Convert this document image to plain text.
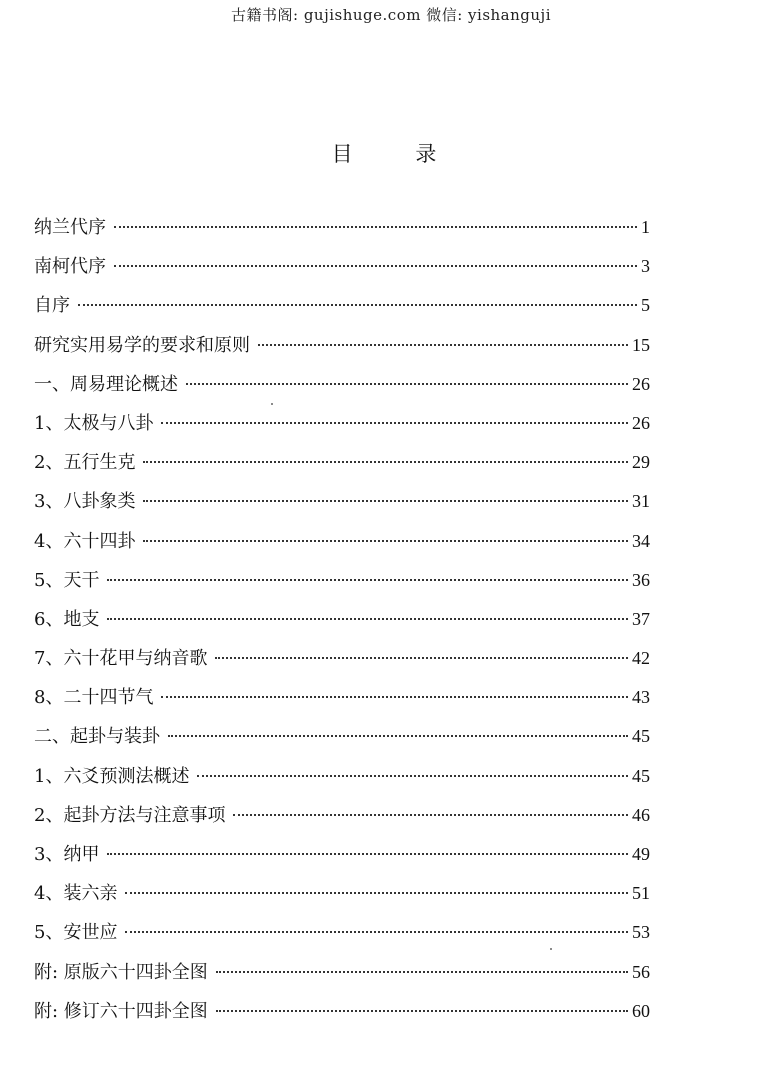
古籍书阁: gujishuge.com 微信: yishanguji
目 录
纳兰代序	1
南柯代序	3
自序	5
研究实用易学的要求和原则	15
一、周易理论概述	26
1、太极与八卦	26
2、五行生克	29
3、八卦象类	31
4、六十四卦	34
5、天干	36
6、地支	37
7、六十花甲与纳音歌	42
8、二十四节气	43
二、起卦与装卦	45
1、六爻预测法概述	45
2、起卦方法与注意事项	46
3、纳甲	49
4、装六亲	51
5、安世应	53
附: 原版六十四卦全图	56
附: 修订六十四卦全图	60
